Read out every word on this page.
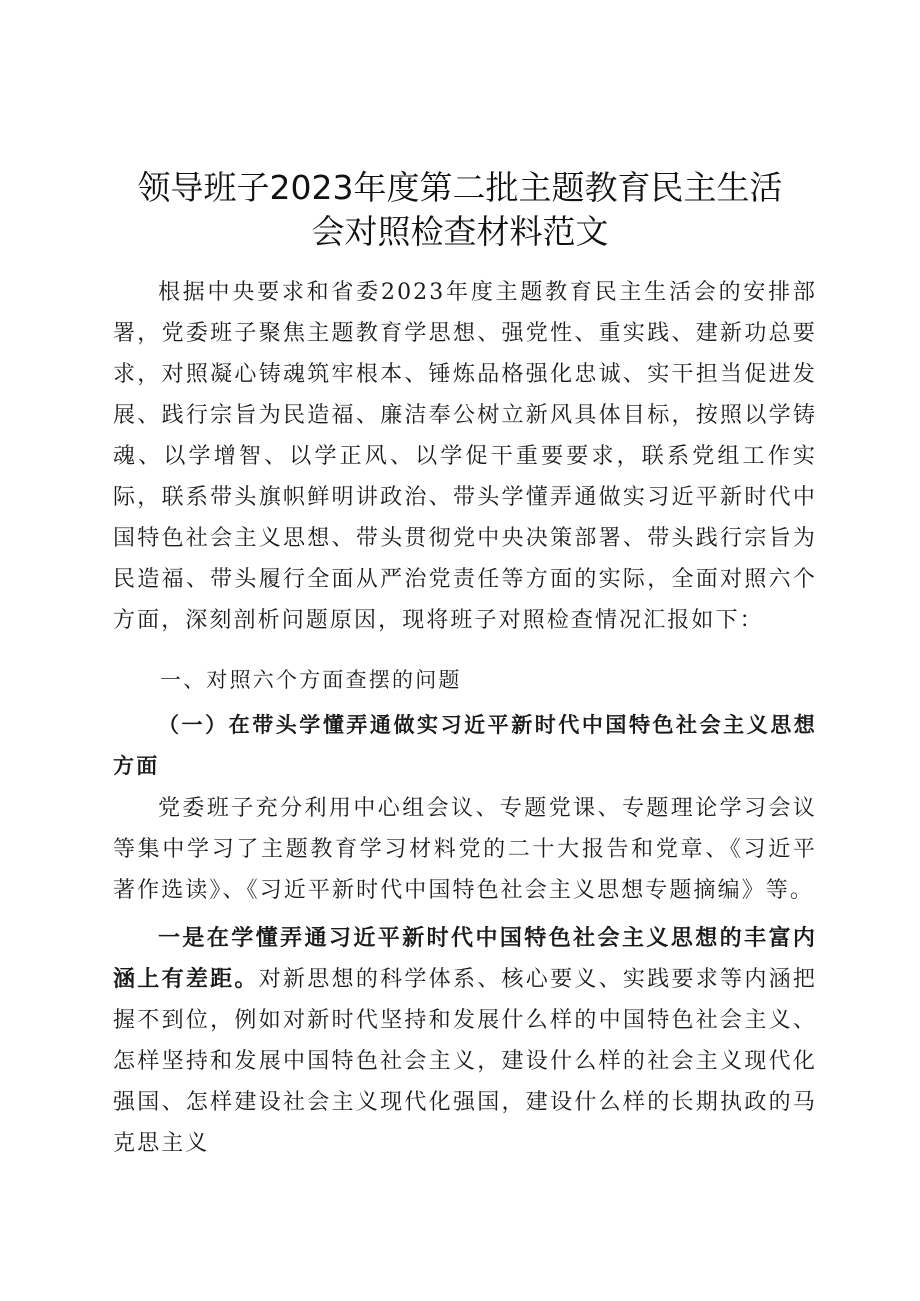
领导班子2023年度第二批主题教育民主生活
会对照检查材料范文

根据中央要求和省委2023年度主题教育民主生活会的安排部署，党委班子聚焦主题教育学思想、强党性、重实践、建新功总要求，对照凝心铸魂筑牢根本、锤炼品格强化忠诚、实干担当促进发展、践行宗旨为民造福、廉洁奉公树立新风具体目标，按照以学铸魂、以学增智、以学正风、以学促干重要要求，联系党组工作实际，联系带头旗帜鲜明讲政治、带头学懂弄通做实习近平新时代中国特色社会主义思想、带头贯彻党中央决策部署、带头践行宗旨为民造福、带头履行全面从严治党责任等方面的实际，全面对照六个方面，深刻剖析问题原因，现将班子对照检查情况汇报如下：

一、对照六个方面查摆的问题

（一）在带头学懂弄通做实习近平新时代中国特色社会主义思想方面

党委班子充分利用中心组会议、专题党课、专题理论学习会议等集中学习了主题教育学习材料党的二十大报告和党章、《习近平著作选读》、《习近平新时代中国特色社会主义思想专题摘编》等。

一是在学懂弄通习近平新时代中国特色社会主义思想的丰富内涵上有差距。对新思想的科学体系、核心要义、实践要求等内涵把握不到位，例如对新时代坚持和发展什么样的中国特色社会主义、怎样坚持和发展中国特色社会主义，建设什么样的社会主义现代化强国、怎样建设社会主义现代化强国，建设什么样的长期执政的马克思主义
